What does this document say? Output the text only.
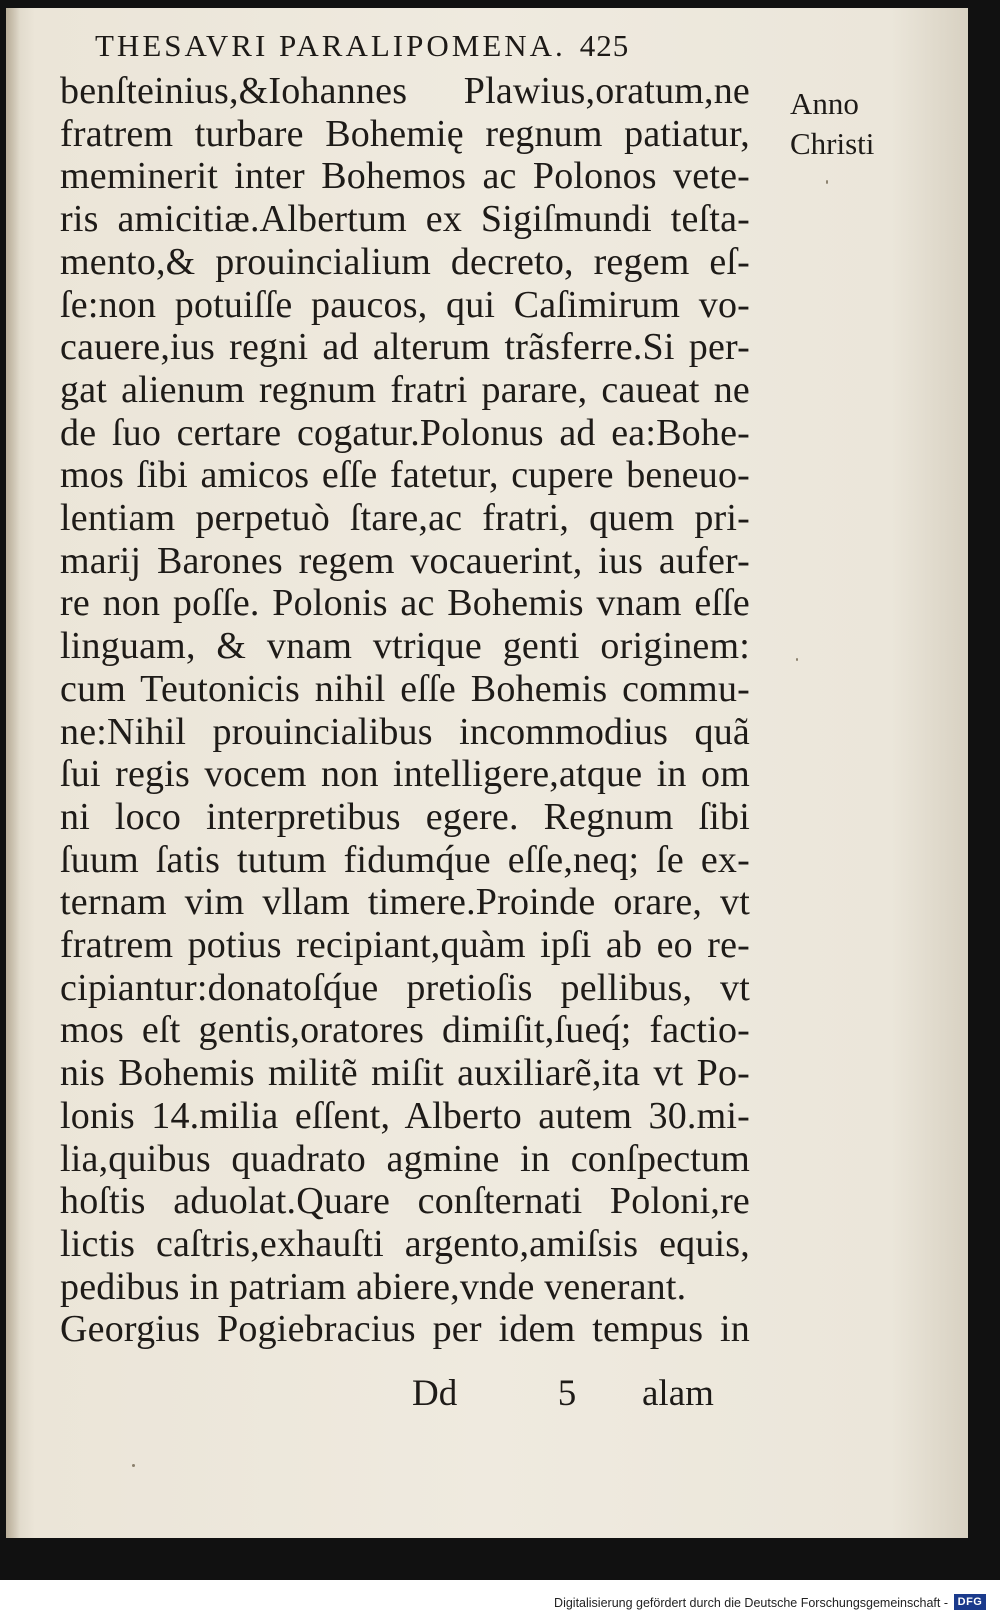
THESAVRI PARALIPOMENA. 425
Anno
Christi
benſteinius,&Iohannes Plawius,oratum,ne
fratrem turbare Bohemię regnum patiatur,
meminerit inter Bohemos ac Polonos vete-
ris amicitiæ.Albertum ex Sigiſmundi teſta-
mento,& prouincialium decreto, regem eſ-
ſe:non potuiſſe paucos, qui Caſimirum vo-
cauere,ius regni ad alterum trãsferre.Si per-
gat alienum regnum fratri parare, caueat ne
de ſuo certare cogatur.Polonus ad ea:Bohe-
mos ſibi amicos eſſe fatetur, cupere beneuo-
lentiam perpetuò ſtare,ac fratri, quem pri-
marij Barones regem vocauerint, ius aufer-
re non poſſe. Polonis ac Bohemis vnam eſſe
linguam, & vnam vtrique genti originem:
cum Teutonicis nihil eſſe Bohemis commu-
ne:Nihil prouincialibus incommodius quã
ſui regis vocem non intelligere,atque in om
ni loco interpretibus egere. Regnum ſibi
ſuum ſatis tutum fidumq́ue eſſe,neq; ſe ex-
ternam vim vllam timere.Proinde orare, vt
fratrem potius recipiant,quàm ipſi ab eo re-
cipiantur:donatoſq́ue pretioſis pellibus, vt
mos eſt gentis,oratores dimiſit,ſueq́; factio-
nis Bohemis militẽ miſit auxiliarẽ,ita vt Po-
lonis 14.milia eſſent, Alberto autem 30.mi-
lia,quibus quadrato agmine in conſpectum
hoſtis aduolat.Quare conſternati Poloni,re
lictis caſtris,exhauſti argento,amiſsis equis,
pedibus in patriam abiere,vnde venerant.
Georgius Pogiebracius per idem tempus in
Dd	5 alam
Digitalisierung gefördert durch die Deutsche Forschungsgemeinschaft - DFG
